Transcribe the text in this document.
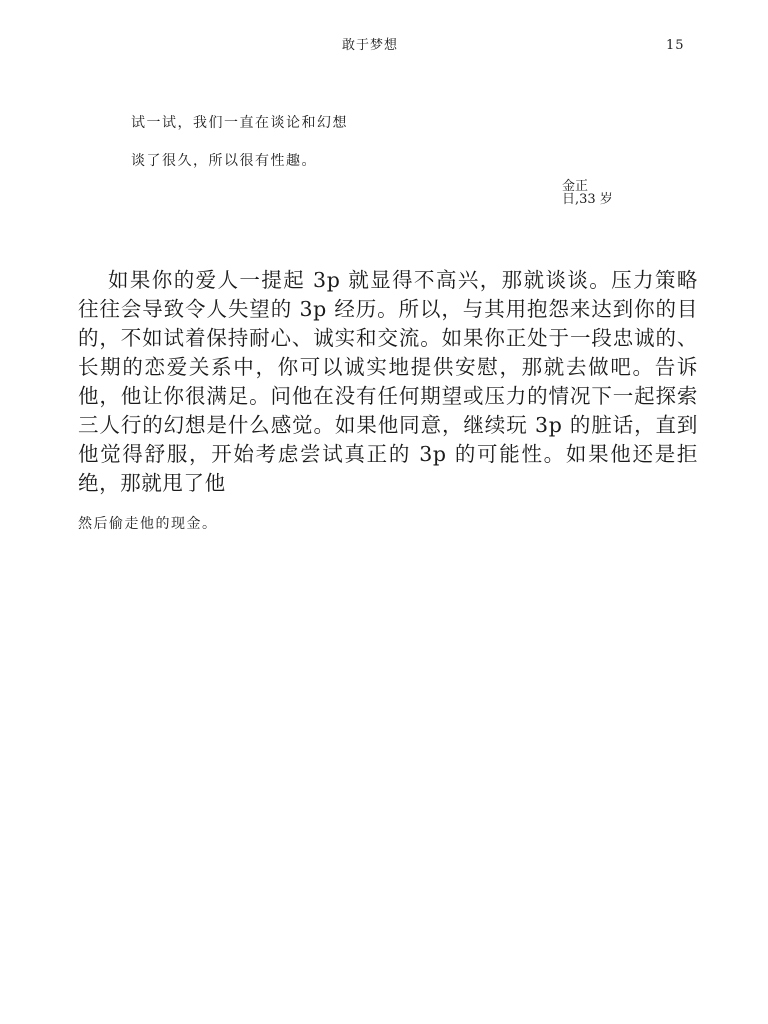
敢于梦想	15

试一试，我们一直在谈论和幻想

谈了很久，所以很有性趣。

金正
日,33 岁

如果你的爱人一提起 3p 就显得不高兴，那就谈谈。压力策略往往会导致令人失望的 3p 经历。所以，与其用抱怨来达到你的目的，不如试着保持耐心、诚实和交流。如果你正处于一段忠诚的、长期的恋爱关系中，你可以诚实地提供安慰，那就去做吧。告诉他，他让你很满足。问他在没有任何期望或压力的情况下一起探索三人行的幻想是什么感觉。如果他同意，继续玩 3p 的脏话，直到他觉得舒服，开始考虑尝试真正的 3p 的可能性。如果他还是拒绝，那就甩了他

然后偷走他的现金。
